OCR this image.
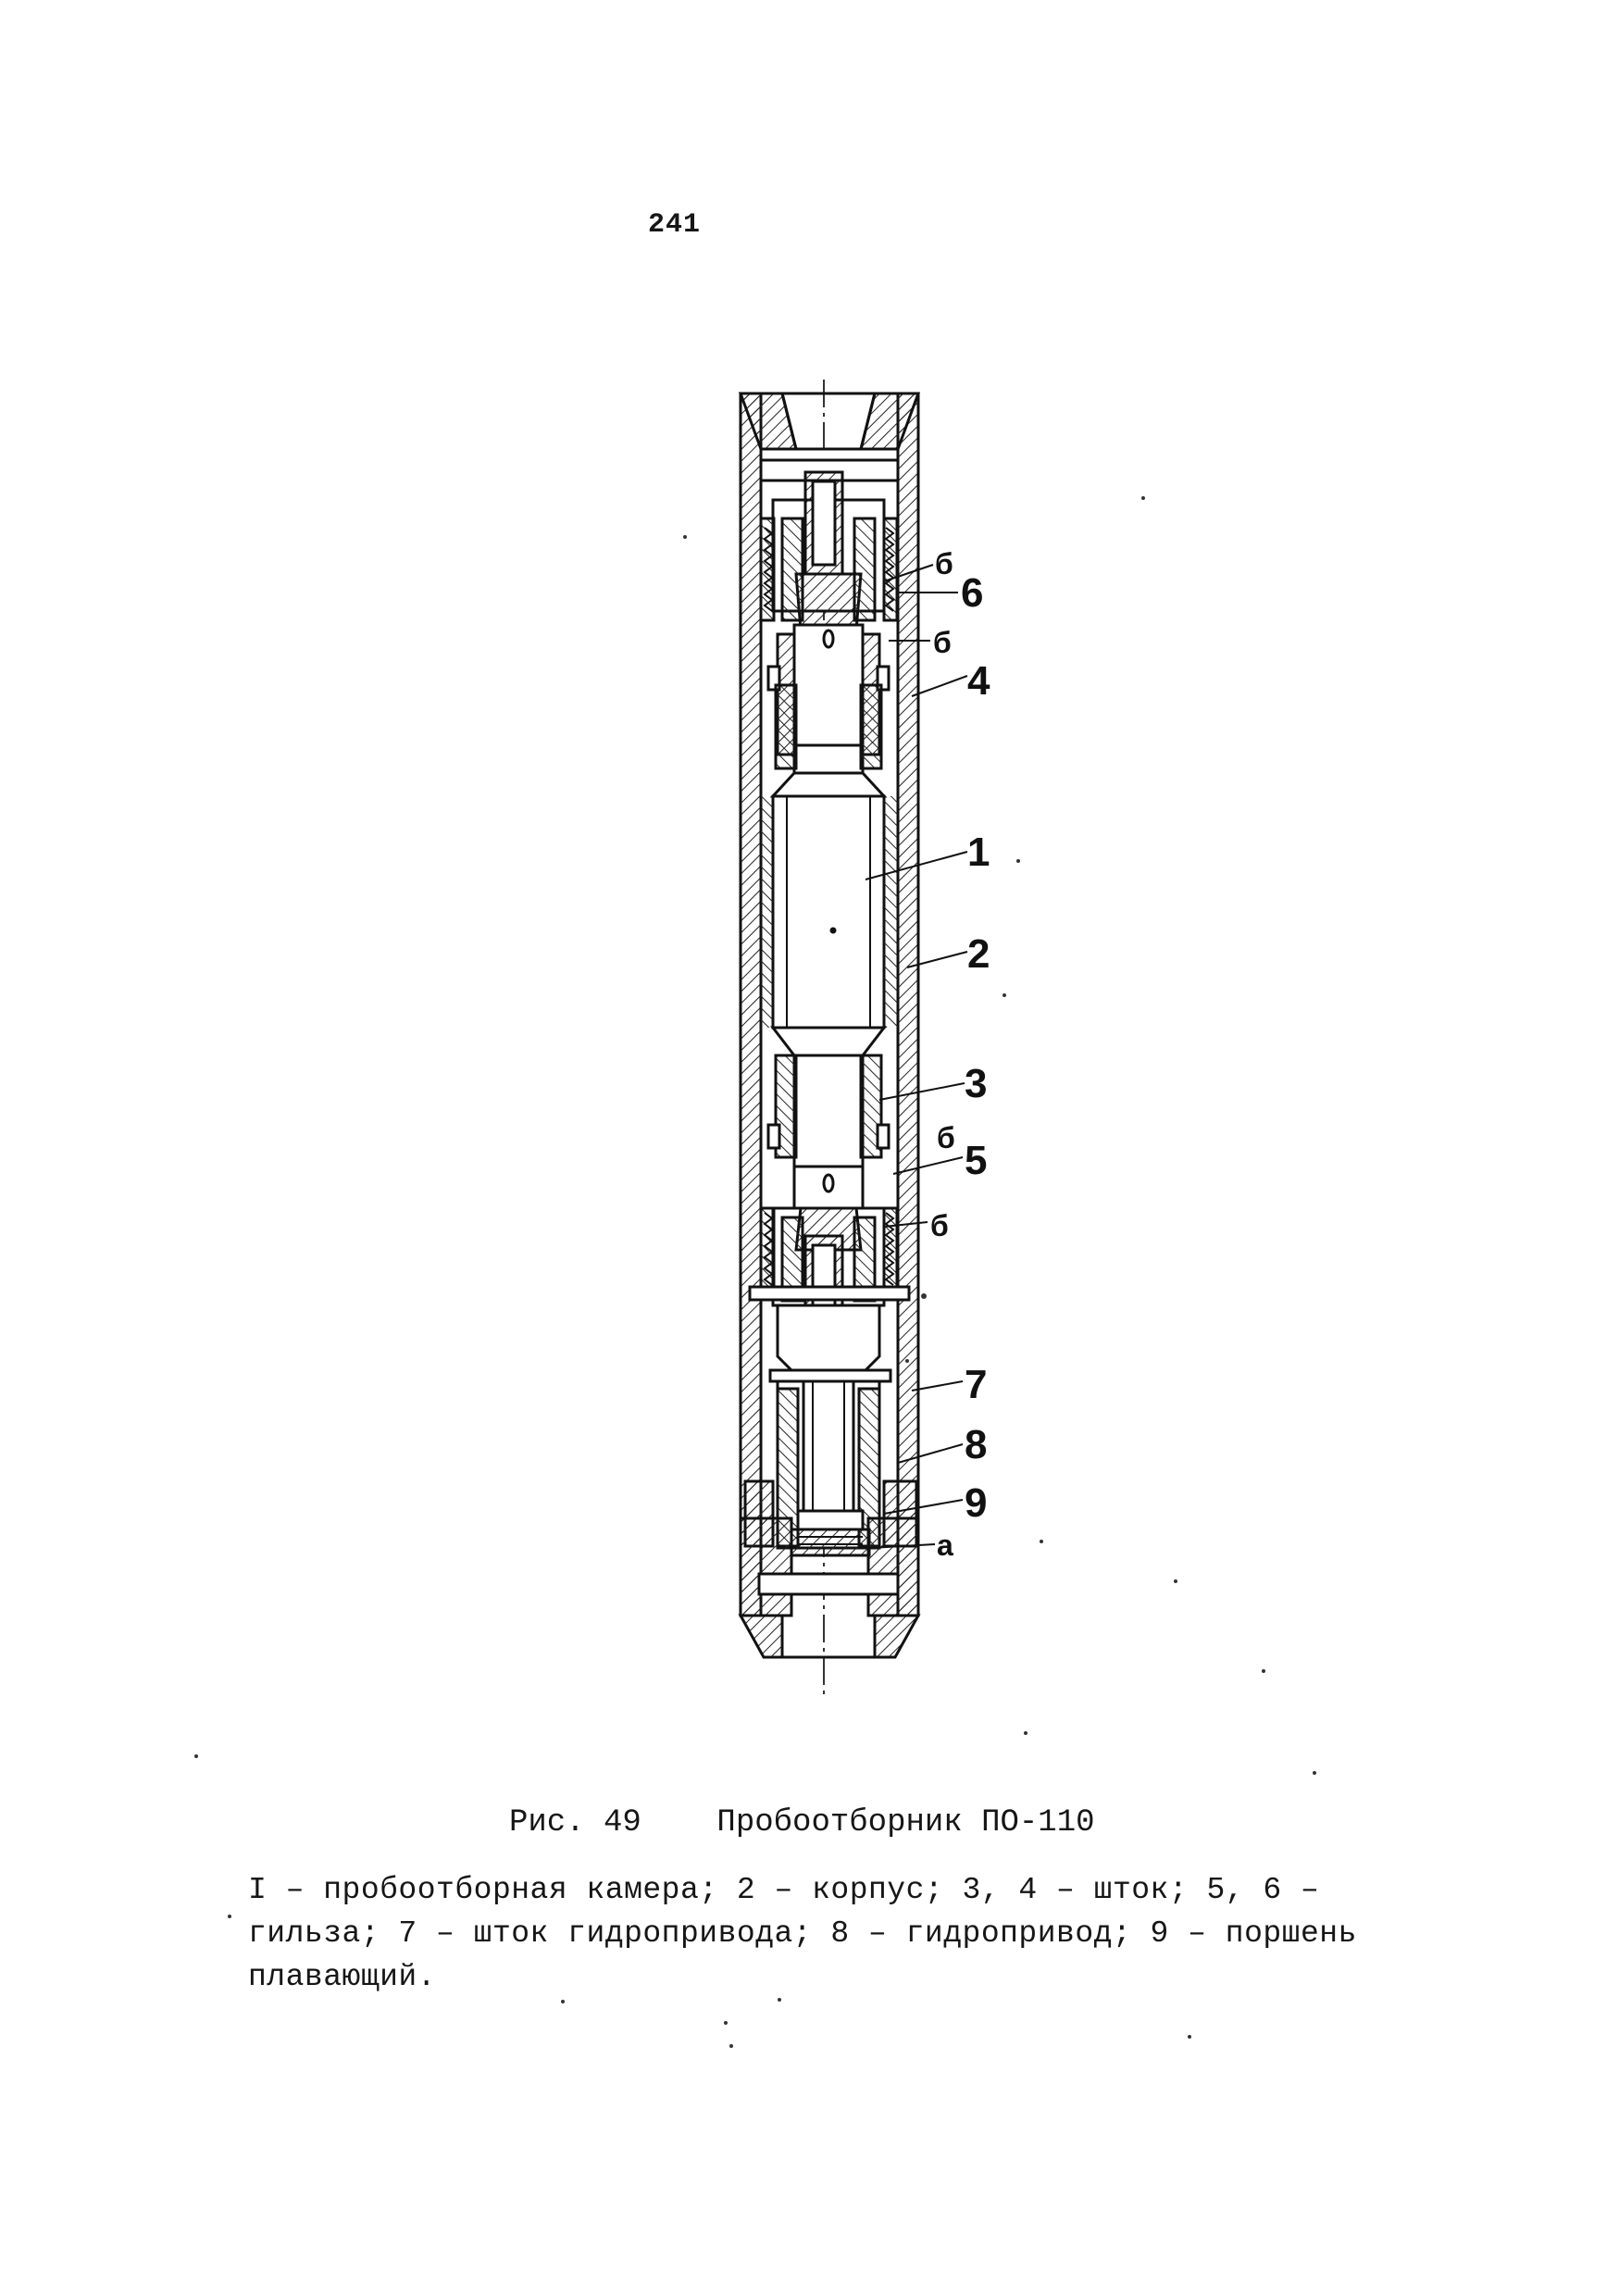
241
б
6
б
4
1
2
3
б 5
б
7
8
9
а
Рис. 49    Пробоотборник ПО-110
I – пробоотборная камера; 2 – корпус; 3, 4 – шток; 5, 6 – гильза; 7 – шток гидропривода; 8 – гидропривод; 9 – поршень плавающий.
